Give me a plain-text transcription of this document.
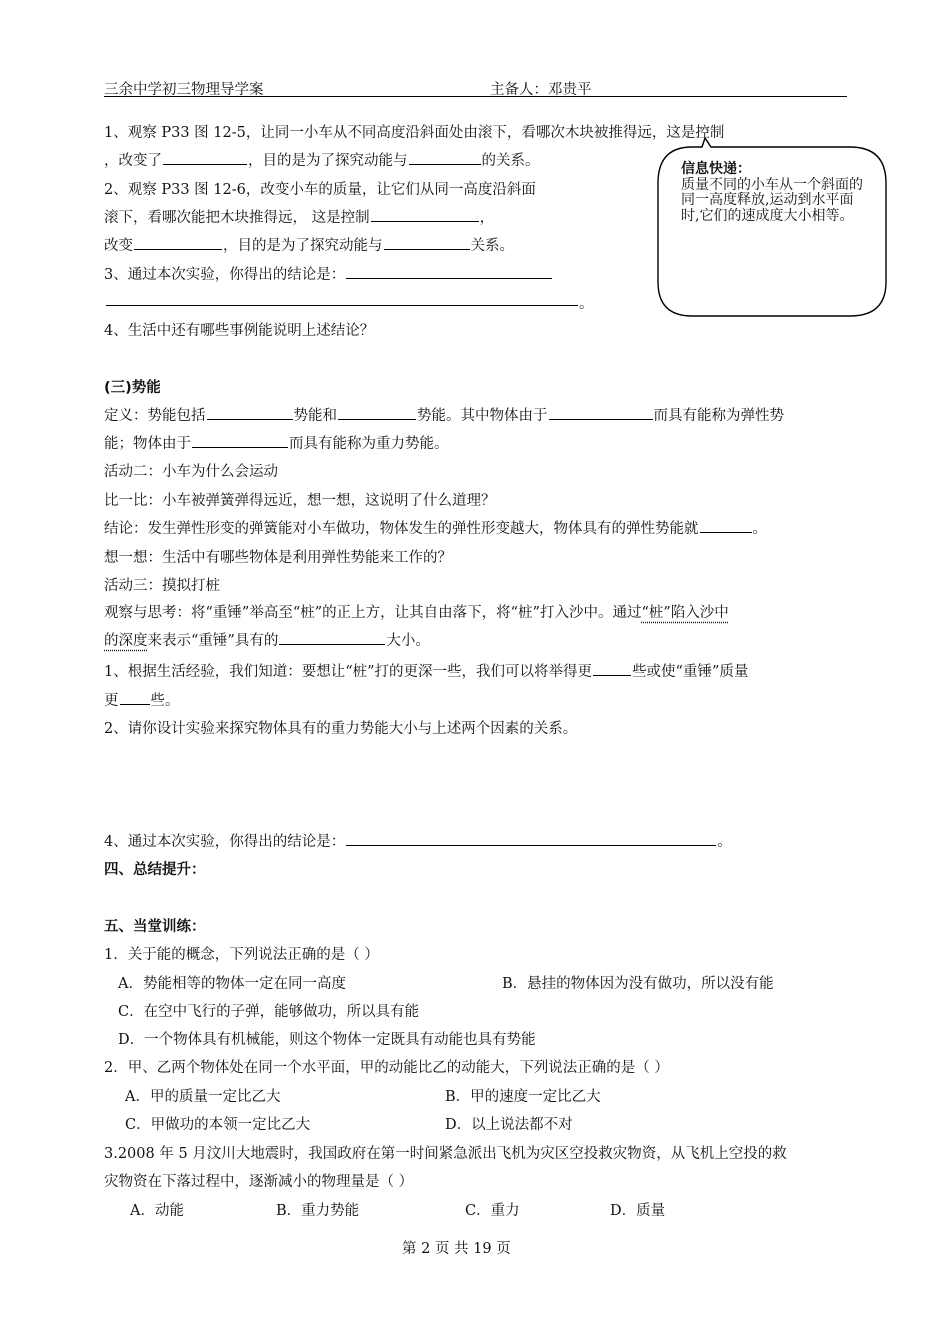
三余中学初三物理导学案	主备人：邓贵平
信息快递：
质量不同的小车从一个斜面的同一高度释放,运动到水平面时,它们的速成度大小相等。
1、观察 P33 图 12-5，让同一小车从不同高度沿斜面处由滚下，看哪次木块被推得远，这是控制
，改变了	，目的是为了探究动能与	的关系。
2、观察 P33 图 12-6，改变小车的质量，让它们从同一高度沿斜面
滚下，看哪次能把木块推得远， 这是控制	，
改变	，目的是为了探究动能与	关系。
3、通过本次实验，你得出的结论是：
。
4、生活中还有哪些事例能说明上述结论？
(三)势能
定义：势能包括	势能和	势能。其中物体由于	而具有能称为弹性势
能；物体由于	而具有能称为重力势能。
活动二：小车为什么会运动
比一比：小车被弹簧弹得远近，想一想，这说明了什么道理？
结论：发生弹性形变的弹簧能对小车做功，物体发生的弹性形变越大，物体具有的弹性势能就	。
想一想：生活中有哪些物体是利用弹性势能来工作的？
活动三：摸拟打桩
观察与思考：将“重锤”举高至“桩”的正上方，让其自由落下，将“桩”打入沙中。通过“桩”陷入沙中
的深度来表示“重锤”具有的	大小。
1、根据生活经验，我们知道：要想让“桩”打的更深一些，我们可以将举得更	些或使“重锤”质量
更 些。
2、请你设计实验来探究物体具有的重力势能大小与上述两个因素的关系。
4、通过本次实验，你得出的结论是：	。
四、总结提升：
五、当堂训练：
1．关于能的概念，下列说法正确的是（ ）
A．势能相等的物体一定在同一高度	B．悬挂的物体因为没有做功，所以没有能
C．在空中飞行的子弹，能够做功，所以具有能
D．一个物体具有机械能，则这个物体一定既具有动能也具有势能
2．甲、乙两个物体处在同一个水平面，甲的动能比乙的动能大，下列说法正确的是（ ）
A．甲的质量一定比乙大	B．甲的速度一定比乙大
C．甲做功的本领一定比乙大	D．以上说法都不对
3.2008 年 5 月汶川大地震时，我国政府在第一时间紧急派出飞机为灾区空投救灾物资，从飞机上空投的救
灾物资在下落过程中，逐渐减小的物理量是（ ）
A．动能	B．重力势能	C．重力	D．质量
第 2 页 共 19 页
